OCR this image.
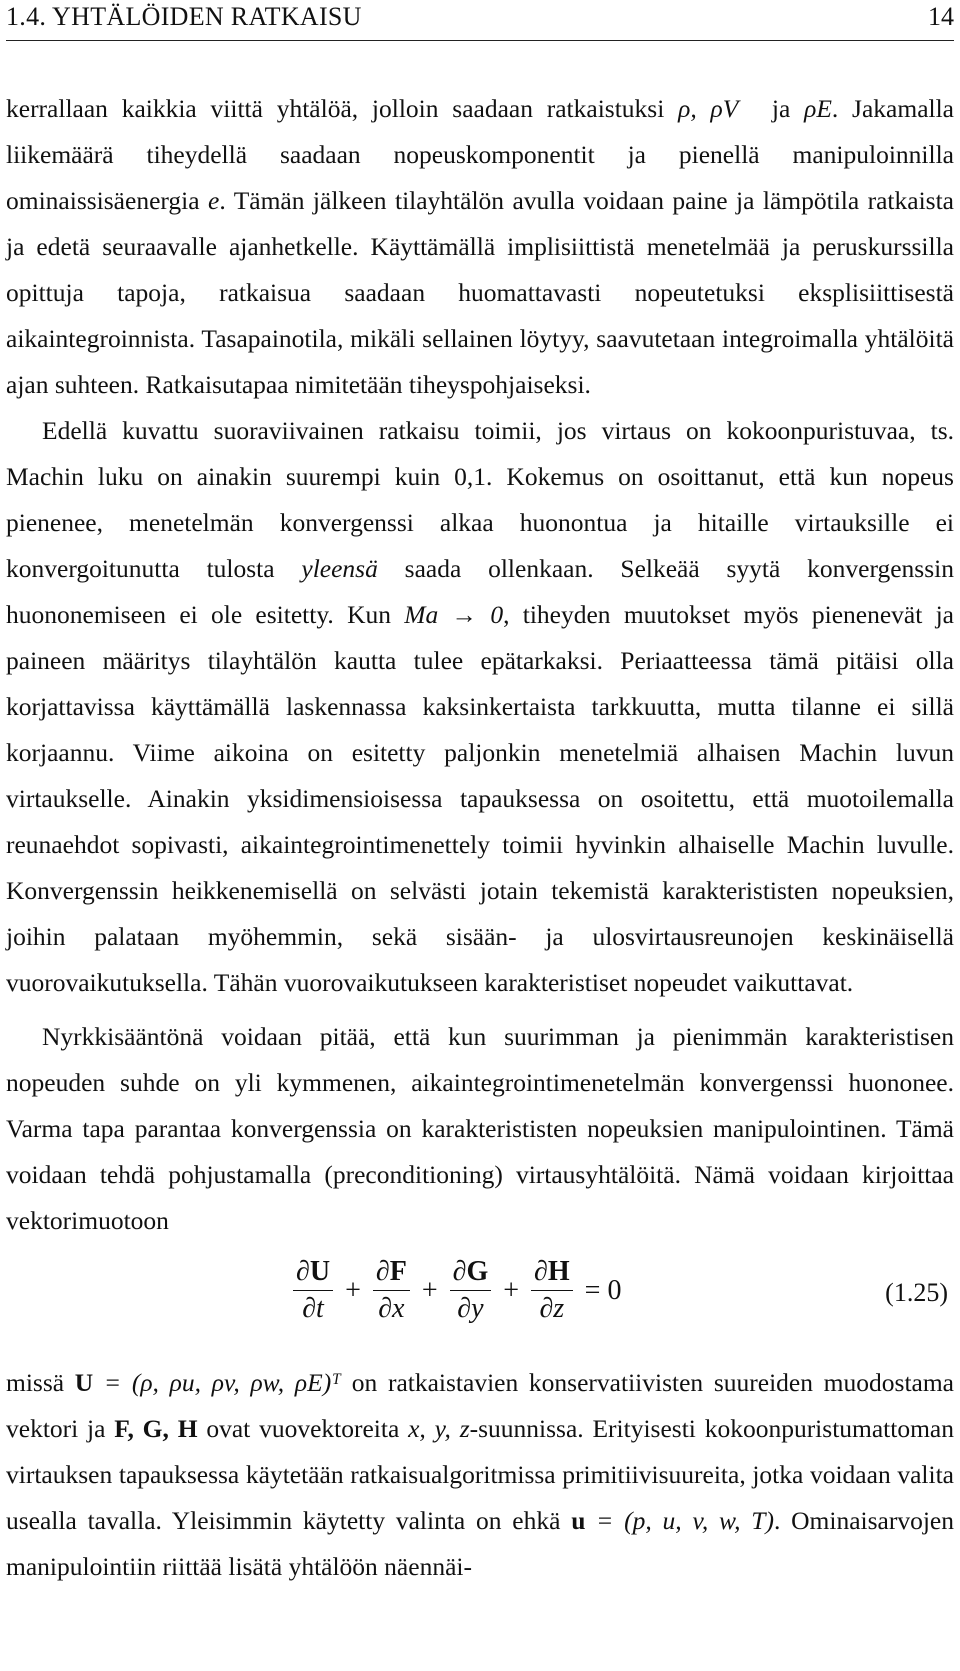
1.4. YHTÄLÖIDEN RATKAISU	14

kerrallaan kaikkia viittä yhtälöä, jolloin saadaan ratkaistuksi ρ, ρV⃗ ja ρE. Jakamalla liikemäärä tiheydellä saadaan nopeuskomponentit ja pienellä manipuloinnilla ominaissisäenergia e. Tämän jälkeen tilayhtälön avulla voidaan paine ja lämpötila ratkaista ja edetä seuraavalle ajanhetkelle. Käyttämällä implisiittistä menetelmää ja peruskurssilla opittuja tapoja, ratkaisua saadaan huomattavasti nopeutetuksi eksplisiittisestä aikaintegroinnista. Tasapainotila, mikäli sellainen löytyy, saavutetaan integroimalla yhtälöitä ajan suhteen. Ratkaisutapaa nimitetään tiheyspohjaiseksi.

Edellä kuvattu suoraviivainen ratkaisu toimii, jos virtaus on kokoonpuristuvaa, ts. Machin luku on ainakin suurempi kuin 0,1. Kokemus on osoittanut, että kun nopeus pienenee, menetelmän konvergenssi alkaa huonontua ja hitaille virtauksille ei konvergoitunutta tulosta yleensä saada ollenkaan. Selkeää syytä konvergenssin huononemiseen ei ole esitetty. Kun Ma → 0, tiheyden muutokset myös pienenevät ja paineen määritys tilayhtälön kautta tulee epätarkaksi. Periaatteessa tämä pitäisi olla korjattavissa käyttämällä laskennassa kaksinkertaista tarkkuutta, mutta tilanne ei sillä korjaannu. Viime aikoina on esitetty paljonkin menetelmiä alhaisen Machin luvun virtaukselle. Ainakin yksidimensioisessa tapauksessa on osoitettu, että muotoilemalla reunaehdot sopivasti, aikaintegrointimenettely toimii hyvinkin alhaiselle Machin luvulle. Konvergenssin heikkenemisellä on selvästi jotain tekemistä karakterististen nopeuksien, joihin palataan myöhemmin, sekä sisään- ja ulosvirtausreunojen keskinäisellä vuorovaikutuksella. Tähän vuorovaikutukseen karakteristiset nopeudet vaikuttavat.

Nyrkkisääntönä voidaan pitää, että kun suurimman ja pienimmän karakteristisen nopeuden suhde on yli kymmenen, aikaintegrointimenetelmän konvergenssi huononee. Varma tapa parantaa konvergenssia on karakterististen nopeuksien manipulointinen. Tämä voidaan tehdä pohjustamalla (preconditioning) virtausyhtälöitä. Nämä voidaan kirjoittaa vektorimuotoon

$\frac{\partial U}{\partial t} + \frac{\partial F}{\partial x} + \frac{\partial G}{\partial y} + \frac{\partial H}{\partial z} = 0$	(1.25)

missä U = (ρ, ρu, ρv, ρw, ρE)ᵀ on ratkaistavien konservatiivisten suureiden muodostama vektori ja F, G, H ovat vuovektoreita x, y, z-suunnissa. Erityisesti kokoonpuristumattoman virtauksen tapauksessa käytetään ratkaisualgoritmissa primitiivisuureita, jotka voidaan valita usealla tavalla. Yleisimmin käytetty valinta on ehkä u = (p, u, v, w, T). Ominaisarvojen manipulointiin riittää lisätä yhtälöön näennäi-
